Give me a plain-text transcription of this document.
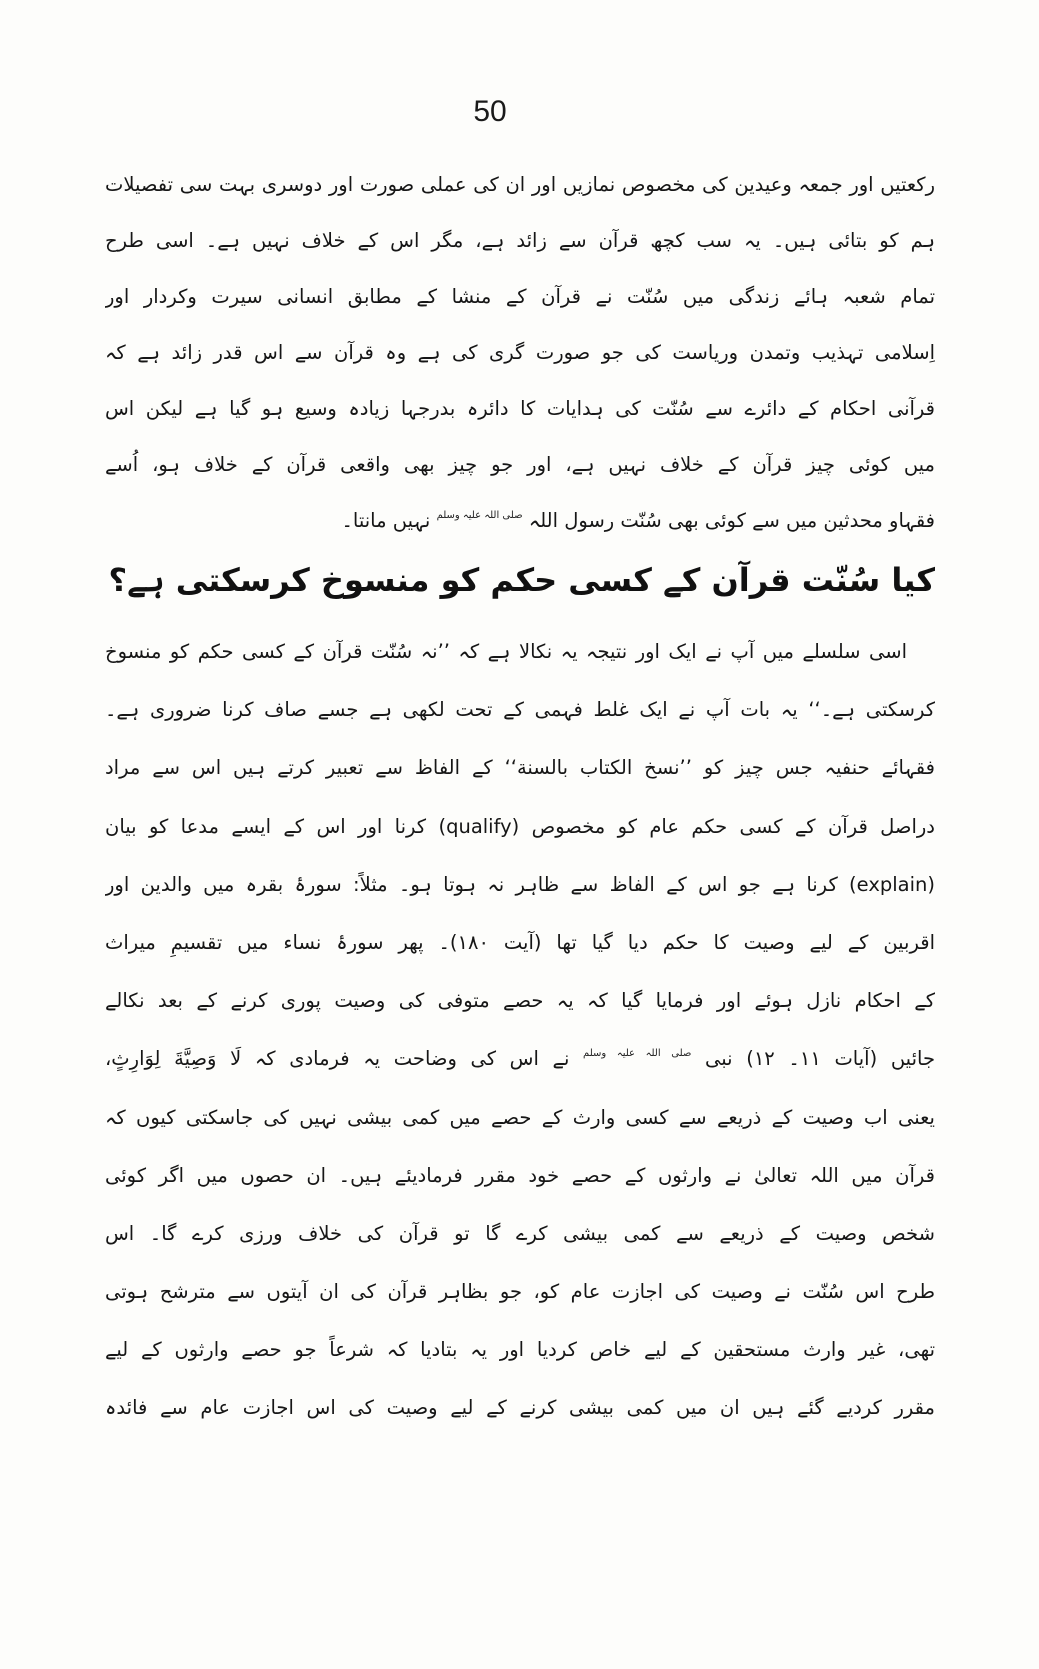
50
رکعتیں اور جمعہ وعیدین کی مخصوص نمازیں اور ان کی عملی صورت اور دوسری بہت سی تفصیلات
ہم کو بتائی ہیں۔ یہ سب کچھ قرآن سے زائد ہے، مگر اس کے خلاف نہیں ہے۔ اسی طرح
تمام شعبہ ہائے زندگی میں سُنّت نے قرآن کے منشا کے مطابق انسانی سیرت وکردار اور
اِسلامی تہذیب وتمدن وریاست کی جو صورت گری کی ہے وہ قرآن سے اس قدر زائد ہے کہ
قرآنی احکام کے دائرے سے سُنّت کی ہدایات کا دائرہ بدرجہا زیادہ وسیع ہو گیا ہے لیکن اس
میں کوئی چیز قرآن کے خلاف نہیں ہے، اور جو چیز بھی واقعی قرآن کے خلاف ہو، اُسے
فقہاو محدثین میں سے کوئی بھی سُنّت رسول اللہ $^{صلی اللہ علیہ وسلم}$ نہیں مانتا۔
کیا سُنّت قرآن کے کسی حکم کو منسوخ کرسکتی ہے؟
اسی سلسلے میں آپ نے ایک اور نتیجہ یہ نکالا ہے کہ ’’نہ سُنّت قرآن کے کسی حکم کو منسوخ
کرسکتی ہے۔‘‘ یہ بات آپ نے ایک غلط فہمی کے تحت لکھی ہے جسے صاف کرنا ضروری ہے۔
فقہائے حنفیہ جس چیز کو ’’نسخ الکتاب بالسنة‘‘ کے الفاظ سے تعبیر کرتے ہیں اس سے مراد
دراصل قرآن کے کسی حکم عام کو مخصوص (qualify) کرنا اور اس کے ایسے مدعا کو بیان
(explain) کرنا ہے جو اس کے الفاظ سے ظاہر نہ ہوتا ہو۔ مثلاً: سورۂ بقرہ میں والدین اور
اقربین کے لیے وصیت کا حکم دیا گیا تھا (آیت ۱۸۰)۔ پھر سورۂ نساء میں تقسیمِ میراث
کے احکام نازل ہوئے اور فرمایا گیا کہ یہ حصے متوفی کی وصیت پوری کرنے کے بعد نکالے
جائیں (آیات ۱۱۔ ۱۲) نبی $^{صلی اللہ علیہ وسلم}$ نے اس کی وضاحت یہ فرمادی کہ لَا وَصِیَّةَ لِوَارِثٍ،
یعنی اب وصیت کے ذریعے سے کسی وارث کے حصے میں کمی بیشی نہیں کی جاسکتی کیوں کہ
قرآن میں اللہ تعالیٰ نے وارثوں کے حصے خود مقرر فرمادیئے ہیں۔ ان حصوں میں اگر کوئی
شخص وصیت کے ذریعے سے کمی بیشی کرے گا تو قرآن کی خلاف ورزی کرے گا۔ اس
طرح اس سُنّت نے وصیت کی اجازت عام کو، جو بظاہر قرآن کی ان آیتوں سے مترشح ہوتی
تھی، غیر وارث مستحقین کے لیے خاص کردیا اور یہ بتادیا کہ شرعاً جو حصے وارثوں کے لیے
مقرر کردیے گئے ہیں ان میں کمی بیشی کرنے کے لیے وصیت کی اس اجازت عام سے فائدہ
